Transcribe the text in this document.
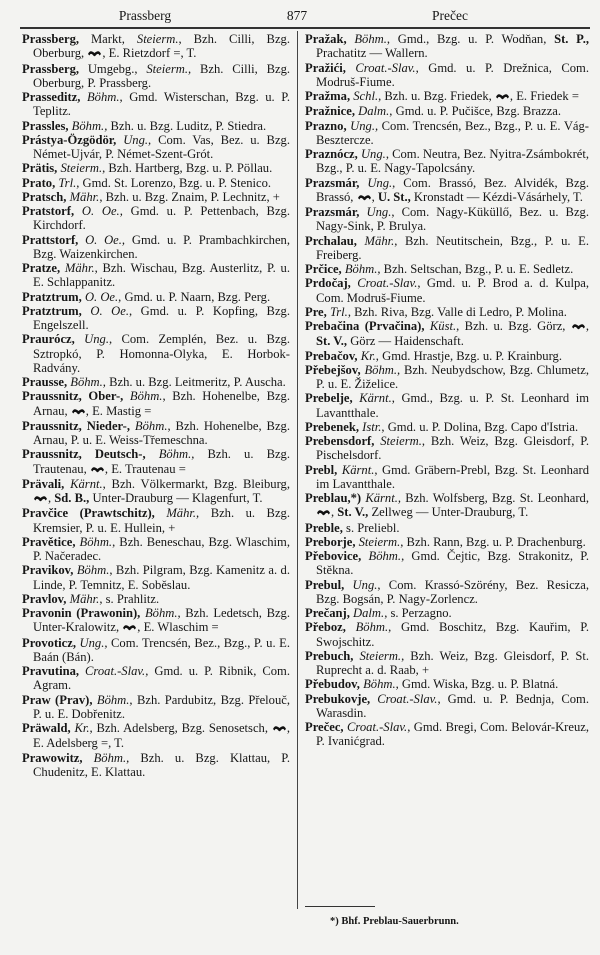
Prassberg	877	Prečec
Prassberg, Markt, Steierm., Bzh. Cilli, Bzg. Oberburg, , E. Rietzdorf =, T.
Prassberg, Umgebg., Steierm., Bzh. Cilli, Bzg. Oberburg, P. Prassberg.
Prasseditz, Böhm., Gmd. Wisterschan, Bzg. u. P. Teplitz.
Prassles, Böhm., Bzh. u. Bzg. Luditz, P. Stiedra.
Prástya-Özgödör, Ung., Com. Vas, Bez. u. Bzg. Német-Ujvár, P. Német-Szent-Grót.
Prätis, Steierm., Bzh. Hartberg, Bzg. u. P. Pöllau.
Prato, Trl., Gmd. St. Lorenzo, Bzg. u. P. Stenico.
Pratsch, Mähr., Bzh. u. Bzg. Znaim, P. Lechnitz, +
Pratstorf, O. Oe., Gmd. u. P. Pettenbach, Bzg. Kirchdorf.
Prattstorf, O. Oe., Gmd. u. P. Prambachkirchen, Bzg. Waizenkirchen.
Pratze, Mähr., Bzh. Wischau, Bzg. Austerlitz, P. u. E. Schlappanitz.
Pratztrum, O. Oe., Gmd. u. P. Naarn, Bzg. Perg.
Pratztrum, O. Oe., Gmd. u. P. Kopfing, Bzg. Engelszell.
Praurócz, Ung., Com. Zemplén, Bez. u. Bzg. Sztropkó, P. Homonna-Olyka, E. Horbok-Radvány.
Prausse, Böhm., Bzh. u. Bzg. Leitmeritz, P. Auscha.
Praussnitz, Ober-, Böhm., Bzh. Hohenelbe, Bzg. Arnau, , E. Mastig =
Praussnitz, Nieder-, Böhm., Bzh. Hohenelbe, Bzg. Arnau, P. u. E. Weiss-Třemeschna.
Praussnitz, Deutsch-, Böhm., Bzh. u. Bzg. Trautenau, , E. Trautenau =
Prävali, Kärnt., Bzh. Völkermarkt, Bzg. Bleiburg, , Sd. B., Unter-Drauburg — Klagenfurt, T.
Pravčice (Prawtschitz), Mähr., Bzh. u. Bzg. Kremsier, P. u. E. Hullein, +
Pravětice, Böhm., Bzh. Beneschau, Bzg. Wlaschim, P. Načeradec.
Pravikov, Böhm., Bzh. Pilgram, Bzg. Kamenitz a. d. Linde, P. Temnitz, E. Soběslau.
Pravlov, Mähr., s. Prahlitz.
Pravonin (Prawonin), Böhm., Bzh. Ledetsch, Bzg. Unter-Kralowitz, , E. Wlaschim =
Provoticz, Ung., Com. Trencsén, Bez., Bzg., P. u. E. Baán (Bán).
Pravutina, Croat.-Slav., Gmd. u. P. Ribnik, Com. Agram.
Praw (Prav), Böhm., Bzh. Pardubitz, Bzg. Přelouč, P. u. E. Dobřenitz.
Präwald, Kr., Bzh. Adelsberg, Bzg. Senosetsch, , E. Adelsberg =, T.
Prawowitz, Böhm., Bzh. u. Bzg. Klattau, P. Chudenitz, E. Klattau.
Pražak, Böhm., Gmd., Bzg. u. P. Wodňan, St. P., Prachatitz — Wallern.
Pražići, Croat.-Slav., Gmd. u. P. Drežnica, Com. Modruš-Fiume.
Pražma, Schl., Bzh. u. Bzg. Friedek, , E. Friedek =
Pražnice, Dalm., Gmd. u. P. Pučišce, Bzg. Brazza.
Prazno, Ung., Com. Trencsén, Bez., Bzg., P. u. E. Vág-Besztercze.
Praznócz, Ung., Com. Neutra, Bez. Nyitra-Zsámbokrét, Bzg., P. u. E. Nagy-Tapolcsány.
Prazsmár, Ung., Com. Brassó, Bez. Alvidék, Bzg. Brassó, , U. St., Kronstadt — Kézdi-Vásárhely, T.
Prazsmár, Ung., Com. Nagy-Küküllő, Bez. u. Bzg. Nagy-Sink, P. Brulya.
Prchalau, Mähr., Bzh. Neutitschein, Bzg., P. u. E. Freiberg.
Prčice, Böhm., Bzh. Seltschan, Bzg., P. u. E. Sedletz.
Prdočaj, Croat.-Slav., Gmd. u. P. Brod a. d. Kulpa, Com. Modruš-Fiume.
Pre, Trl., Bzh. Riva, Bzg. Valle di Ledro, P. Molina.
Prebačina (Prvačina), Küst., Bzh. u. Bzg. Görz, , St. V., Görz — Haidenschaft.
Prebačov, Kr., Gmd. Hrastje, Bzg. u. P. Krainburg.
Přebejšov, Böhm., Bzh. Neubydschow, Bzg. Chlumetz, P. u. E. Žiželice.
Prebelje, Kärnt., Gmd., Bzg. u. P. St. Leonhard im Lavantthale.
Prebenek, Istr., Gmd. u. P. Dolina, Bzg. Capo d'Istria.
Prebensdorf, Steierm., Bzh. Weiz, Bzg. Gleisdorf, P. Pischelsdorf.
Prebl, Kärnt., Gmd. Gräbern-Prebl, Bzg. St. Leonhard im Lavantthale.
Preblau,*) Kärnt., Bzh. Wolfsberg, Bzg. St. Leonhard, , St. V., Zellweg — Unter-Drauburg, T.
Preble, s. Preliebl.
Preborje, Steierm., Bzh. Rann, Bzg. u. P. Drachenburg.
Přebovice, Böhm., Gmd. Čejtic, Bzg. Strakonitz, P. Stěkna.
Prebul, Ung., Com. Krassó-Szörény, Bez. Resicza, Bzg. Bogsán, P. Nagy-Zorlencz.
Prečanj, Dalm., s. Perzagno.
Přeboz, Böhm., Gmd. Boschitz, Bzg. Kauřim, P. Swojschitz.
Prebuch, Steierm., Bzh. Weiz, Bzg. Gleisdorf, P. St. Ruprecht a. d. Raab, +
Přebudov, Böhm., Gmd. Wiska, Bzg. u. P. Blatná.
Prebukovje, Croat.-Slav., Gmd. u. P. Bednja, Com. Warasdin.
Prečec, Croat.-Slav., Gmd. Bregi, Com. Belovár-Kreuz, P. Ivanićgrad.
*) Bhf. Preblau-Sauerbrunn.
